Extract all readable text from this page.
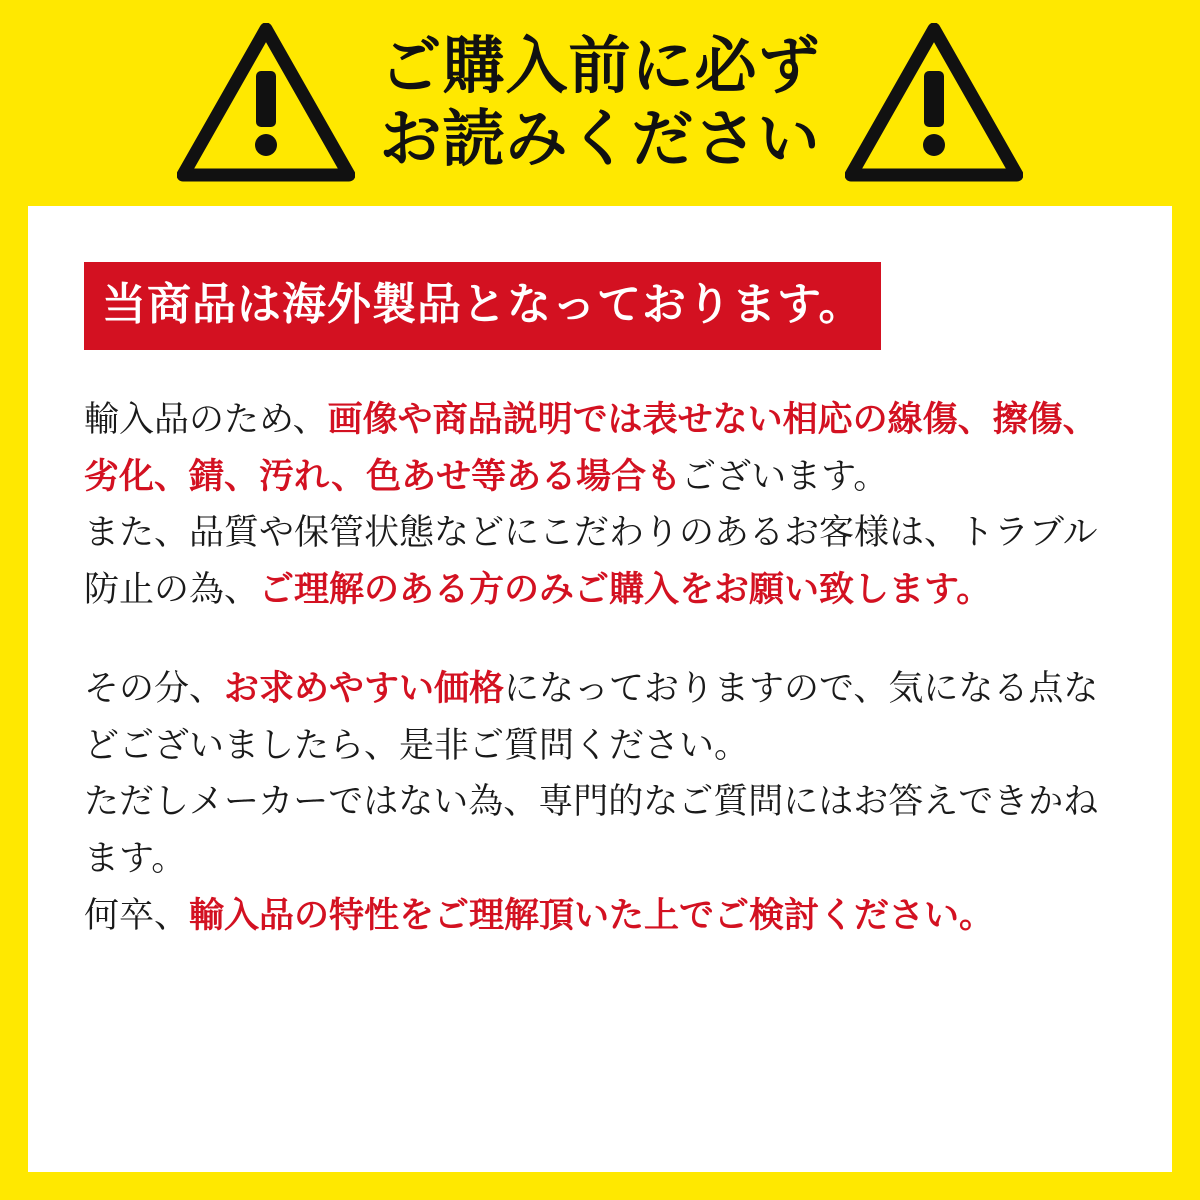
ご購入前に必ず
お読みください
当商品は海外製品となっております。

輸入品のため、画像や商品説明では表せない相応の線傷、擦傷、劣化、錆、汚れ、色あせ等ある場合もございます。

また、品質や保管状態などにこだわりのあるお客様は、トラブル防止の為、ご理解のある方のみご購入をお願い致します。

その分、お求めやすい価格になっておりますので、気になる点などございましたら、是非ご質問ください。

ただしメーカーではない為、専門的なご質問にはお答えできかねます。

何卒、輸入品の特性をご理解頂いた上でご検討ください。
